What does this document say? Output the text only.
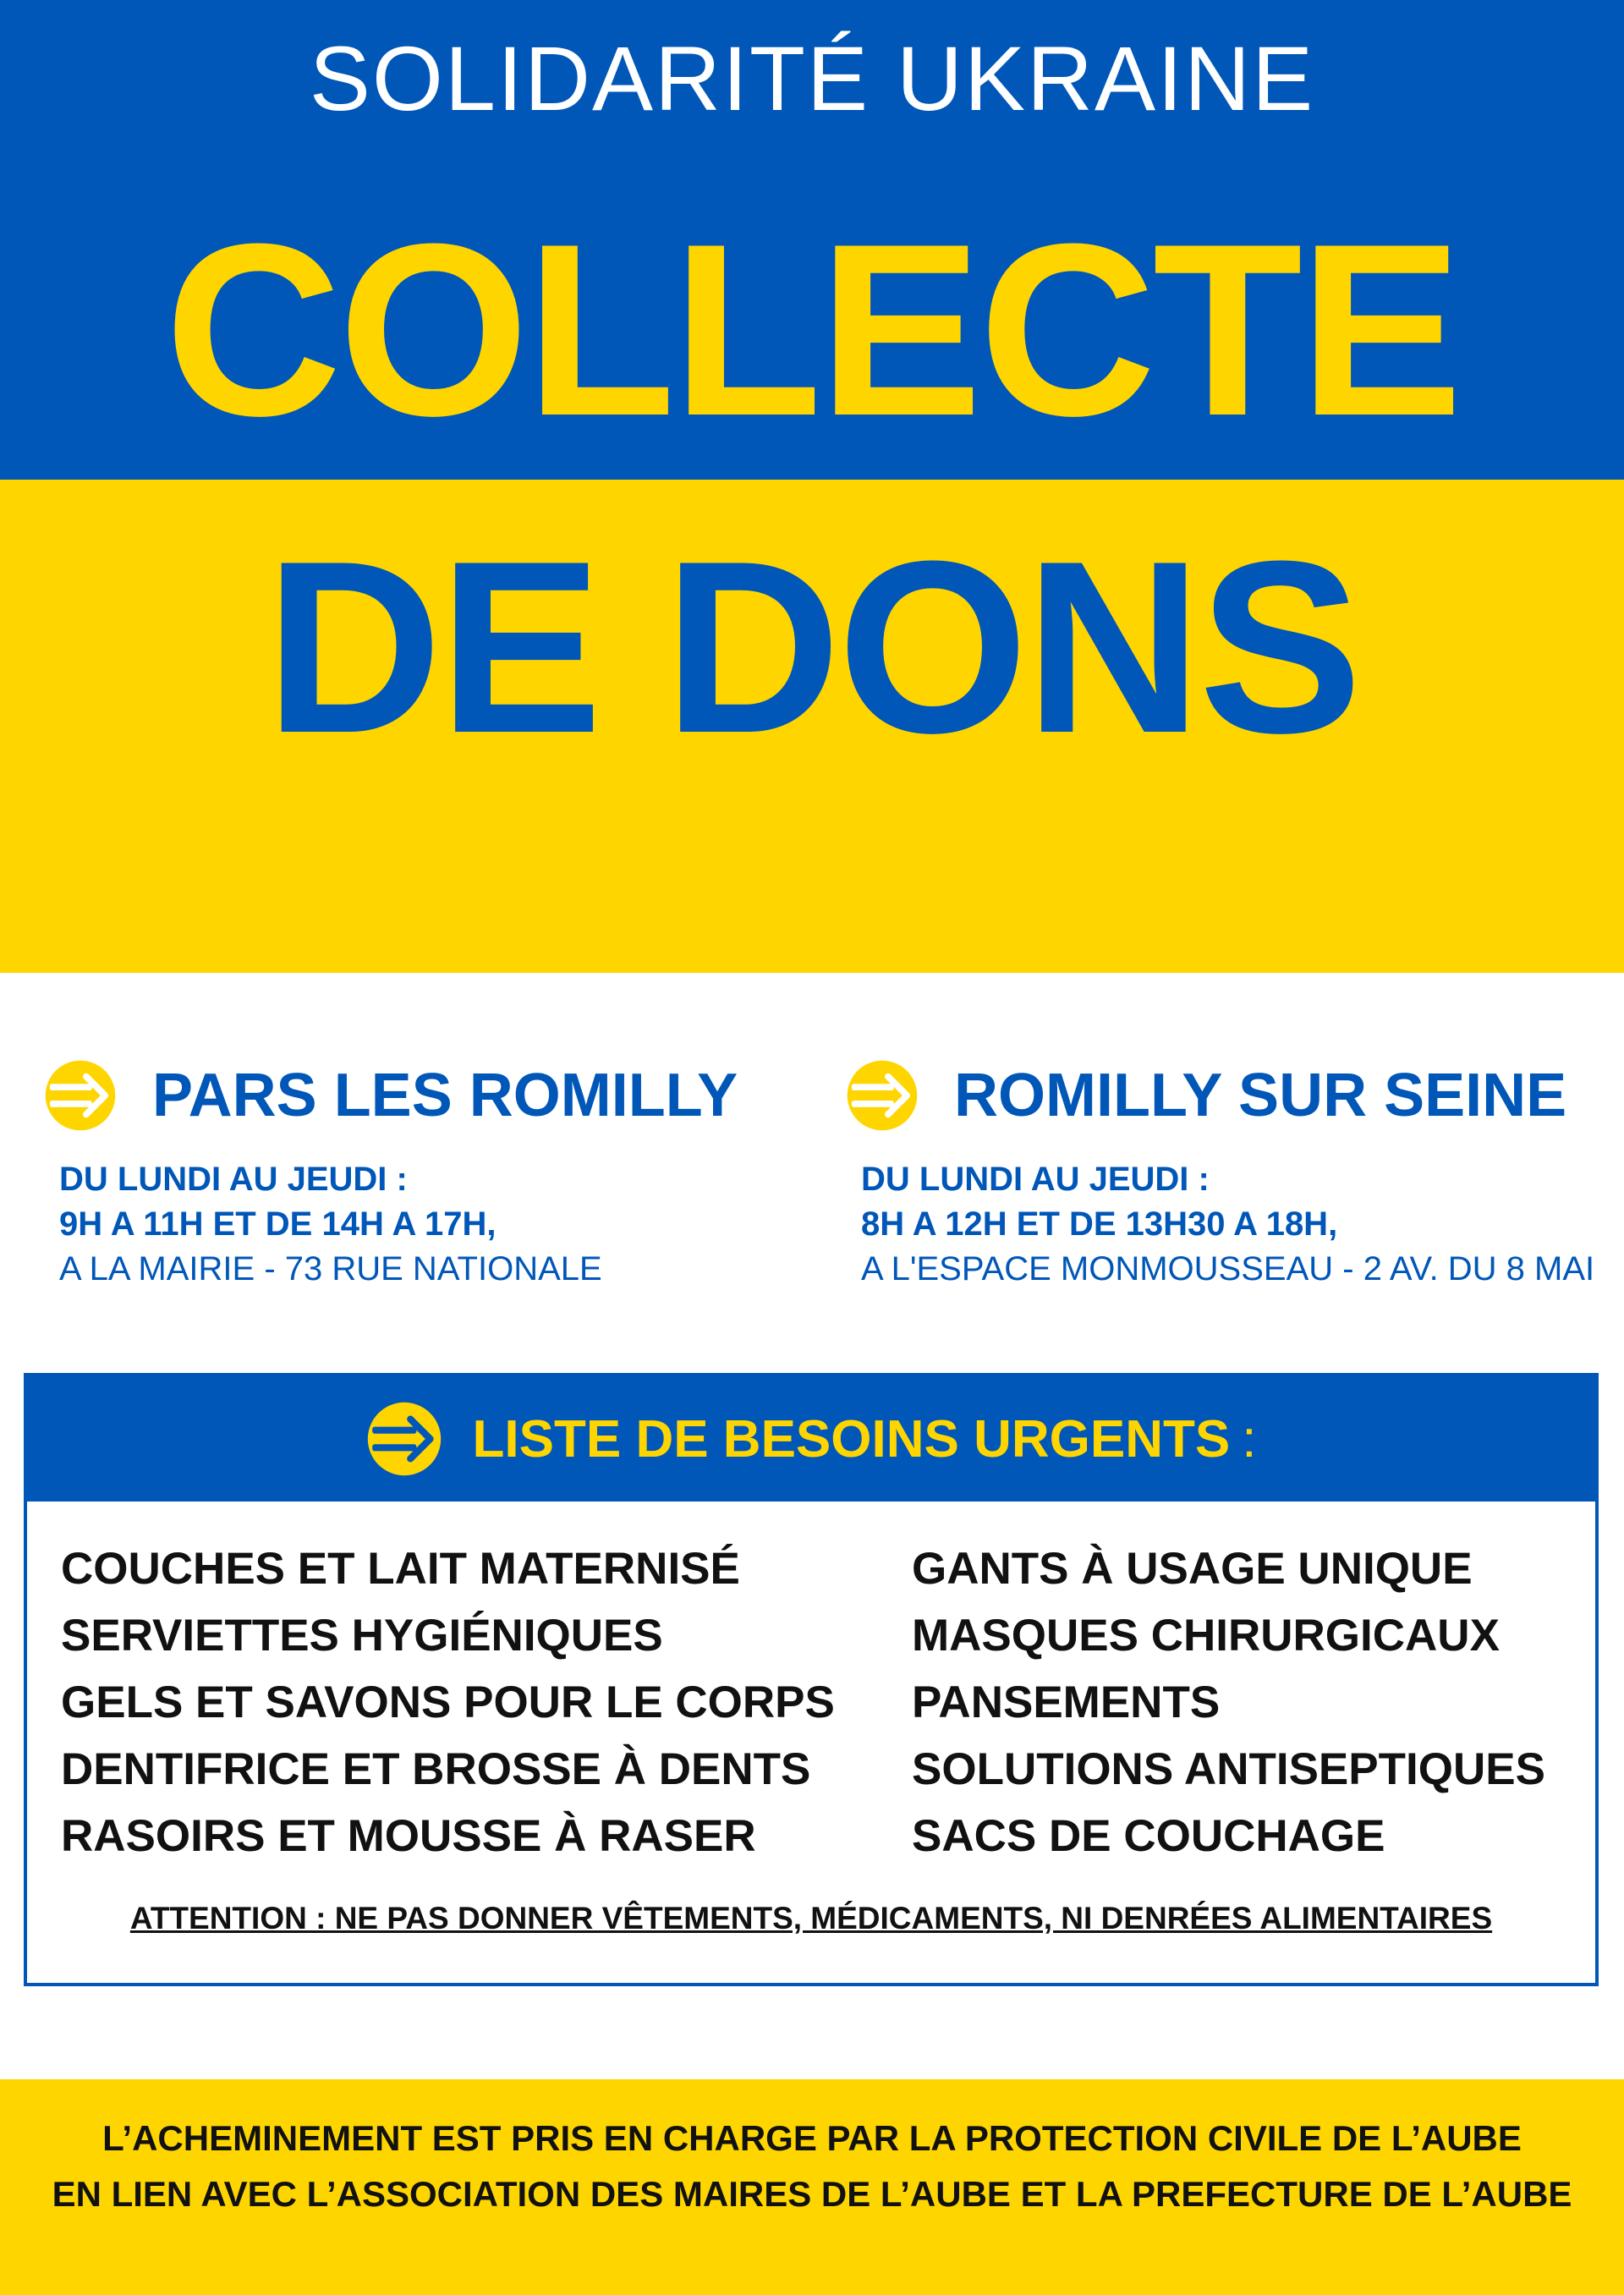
SOLIDARITÉ UKRAINE
COLLECTE
DE DONS
PARS LES ROMILLY
DU LUNDI AU JEUDI :
9H A 11H ET DE 14H A 17H,
A LA MAIRIE - 73 RUE NATIONALE
ROMILLY SUR SEINE
DU LUNDI AU JEUDI :
8H A 12H ET DE 13H30 A 18H,
A L'ESPACE MONMOUSSEAU - 2 AV. DU 8 MAI
LISTE DE BESOINS URGENTS :
COUCHES ET LAIT MATERNISÉ
SERVIETTES HYGIÉNIQUES
GELS ET SAVONS POUR LE CORPS
DENTIFRICE ET BROSSE À DENTS
RASOIRS ET MOUSSE À RASER
GANTS À USAGE UNIQUE
MASQUES CHIRURGICAUX
PANSEMENTS
SOLUTIONS ANTISEPTIQUES
SACS DE COUCHAGE
ATTENTION : NE PAS DONNER VÊTEMENTS, MÉDICAMENTS, NI DENRÉES ALIMENTAIRES
L’ACHEMINEMENT EST PRIS EN CHARGE PAR LA PROTECTION CIVILE DE L’AUBE
EN LIEN AVEC L’ASSOCIATION DES MAIRES DE L’AUBE ET LA PREFECTURE DE L’AUBE
